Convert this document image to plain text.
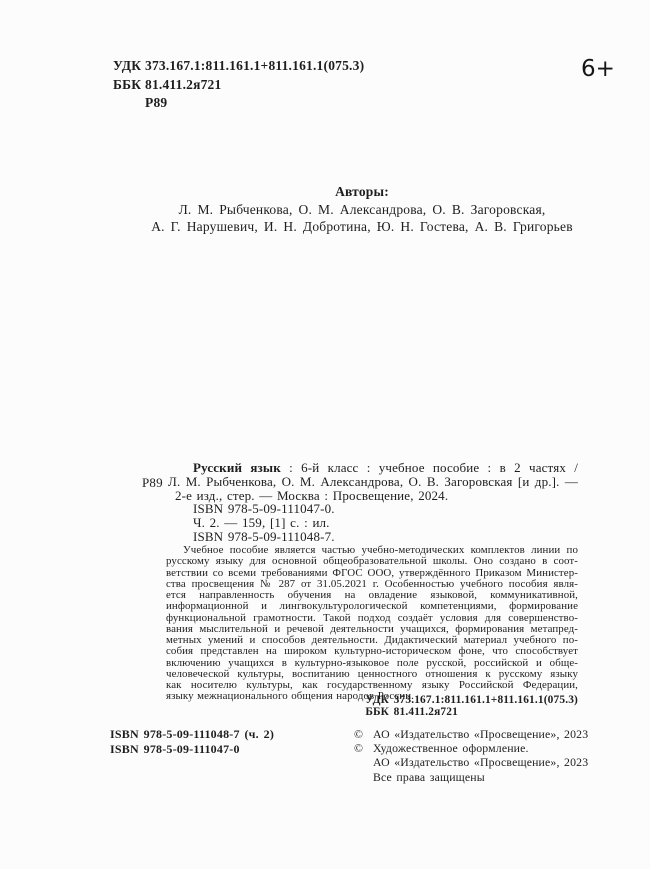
УДК 373.167.1:811.161.1+811.161.1(075.3)
ББК 81.411.2я721
Р89
6+
Авторы:
Л. М. Рыбченкова, О. М. Александрова, О. В. Загоровская,
А. Г. Нарушевич, И. Н. Добротина, Ю. Н. Гостева, А. В. Григорьев
Р89
Русский язык : 6-й класс : учебное пособие : в 2 частях /
Л. М. Рыбченкова, О. М. Александрова, О. В. Загоровская [и др.]. —
2-е изд., стер. — Москва : Просвещение, 2024.
ISBN 978-5-09-111047-0.
Ч. 2. — 159, [1] с. : ил.
ISBN 978-5-09-111048-7.
Учебное пособие является частью учебно-методических комплектов линии по
русскому языку для основной общеобразовательной школы. Оно создано в соот-
ветствии со всеми требованиями ФГОС ООО, утверждённого Приказом Министер-
ства просвещения № 287 от 31.05.2021 г. Особенностью учебного пособия явля-
ется направленность обучения на овладение языковой, коммуникативной,
информационной и лингвокультурологической компетенциями, формирование
функциональной грамотности. Такой подход создаёт условия для совершенство-
вания мыслительной и речевой деятельности учащихся, формирования метапред-
метных умений и способов деятельности. Дидактический материал учебного по-
собия представлен на широком культурно-историческом фоне, что способствует
включению учащихся в культурно-языковое поле русской, российской и обще-
человеческой культуры, воспитанию ценностного отношения к русскому языку
как носителю культуры, как государственному языку Российской Федерации,
языку межнационального общения народов России.
УДК 373.167.1:811.161.1+811.161.1(075.3)
ББК 81.411.2я721
ISBN 978-5-09-111048-7 (ч. 2)
ISBN 978-5-09-111047-0
© АО «Издательство «Просвещение», 2023
© Художественное оформление.
АО «Издательство «Просвещение», 2023
Все права защищены
